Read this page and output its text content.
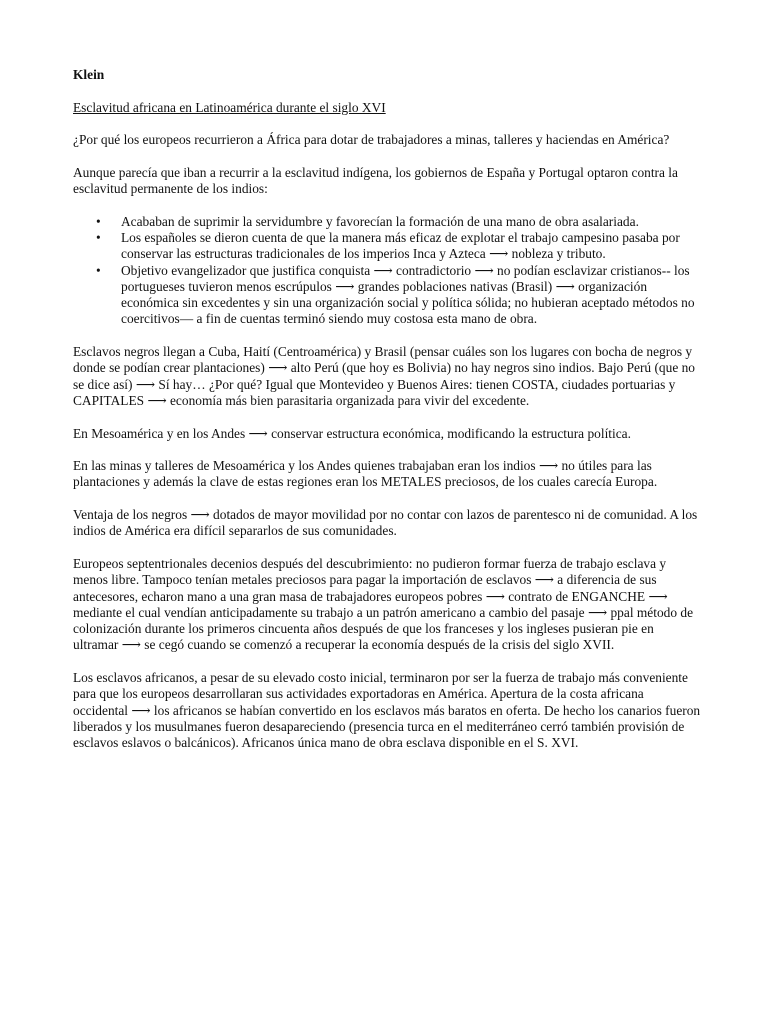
Klein

Esclavitud africana en Latinoamérica durante el siglo XVI

¿Por qué los europeos recurrieron a África para dotar de trabajadores a minas, talleres y haciendas en América?

Aunque parecía que iban a recurrir a la esclavitud indígena, los gobiernos de España y Portugal optaron contra la esclavitud permanente de los indios:

• Acababan de suprimir la servidumbre y favorecían la formación de una mano de obra asalariada.
• Los españoles se dieron cuenta de que la manera más eficaz de explotar el trabajo campesino pasaba por conservar las estructuras tradicionales de los imperios Inca y Azteca ⟶ nobleza y tributo.
• Objetivo evangelizador que justifica conquista ⟶ contradictorio ⟶ no podían esclavizar cristianos-- los portugueses tuvieron menos escrúpulos ⟶ grandes poblaciones nativas (Brasil) ⟶ organización económica sin excedentes y sin una organización social y política sólida; no hubieran aceptado métodos no coercitivos— a fin de cuentas terminó siendo muy costosa esta mano de obra.

Esclavos negros llegan a Cuba, Haití (Centroamérica) y Brasil (pensar cuáles son los lugares con bocha de negros y donde se podían crear plantaciones) ⟶ alto Perú (que hoy es Bolivia) no hay negros sino indios. Bajo Perú (que no se dice así) ⟶ Sí hay… ¿Por qué? Igual que Montevideo y Buenos Aires: tienen COSTA, ciudades portuarias y CAPITALES ⟶ economía más bien parasitaria organizada para vivir del excedente.

En Mesoamérica y en los Andes ⟶ conservar estructura económica, modificando la estructura política.

En las minas y talleres de Mesoamérica y los Andes quienes trabajaban eran los indios ⟶ no útiles para las plantaciones y además la clave de estas regiones eran los METALES preciosos, de los cuales carecía Europa.

Ventaja de los negros ⟶ dotados de mayor movilidad por no contar con lazos de parentesco ni de comunidad. A los indios de América era difícil separarlos de sus comunidades.

Europeos septentrionales decenios después del descubrimiento: no pudieron formar fuerza de trabajo esclava y menos libre. Tampoco tenían metales preciosos para pagar la importación de esclavos ⟶ a diferencia de sus antecesores, echaron mano a una gran masa de trabajadores europeos pobres ⟶ contrato de ENGANCHE ⟶ mediante el cual vendían anticipadamente su trabajo a un patrón americano a cambio del pasaje ⟶ ppal método de colonización durante los primeros cincuenta años después de que los franceses y los ingleses pusieran pie en ultramar ⟶ se cegó cuando se comenzó a recuperar la economía después de la crisis del siglo XVII.

Los esclavos africanos, a pesar de su elevado costo inicial, terminaron por ser la fuerza de trabajo más conveniente para que los europeos desarrollaran sus actividades exportadoras en América. Apertura de la costa africana occidental ⟶ los africanos se habían convertido en los esclavos más baratos en oferta. De hecho los canarios fueron liberados y los musulmanes fueron desapareciendo (presencia turca en el mediterráneo cerró también provisión de esclavos eslavos o balcánicos). Africanos única mano de obra esclava disponible en el S. XVI.
